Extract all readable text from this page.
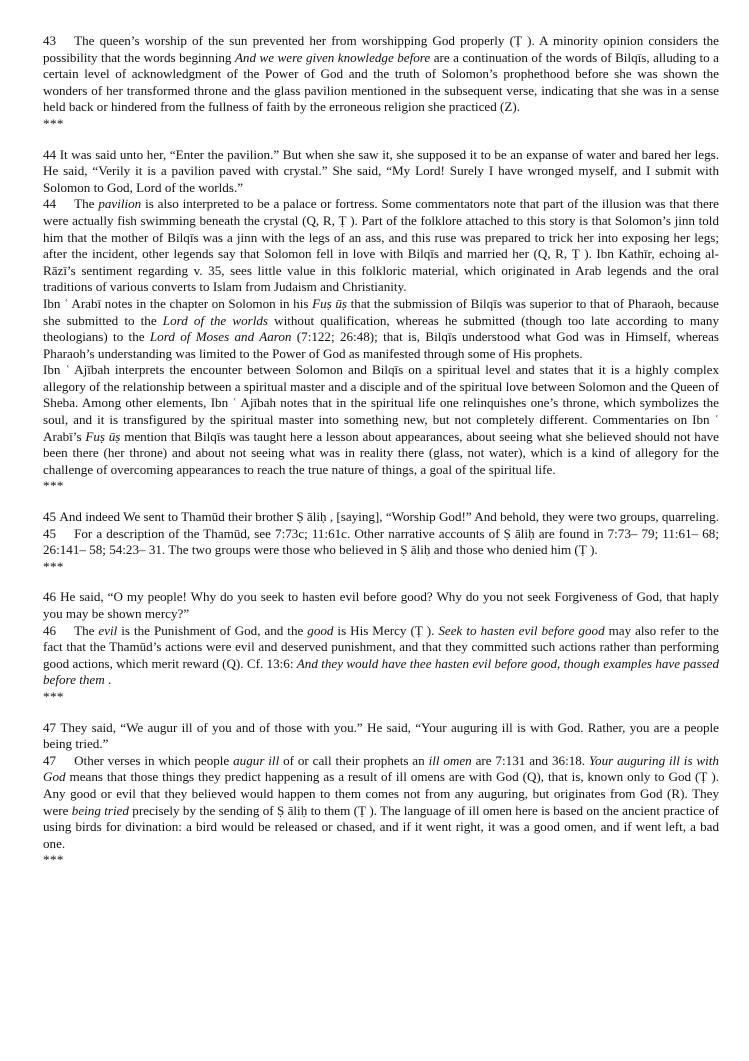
43 The queen’s worship of the sun prevented her from worshipping God properly (Ṭ ). A minority opinion considers the possibility that the words beginning And we were given knowledge before are a continuation of the words of Bilqīs, alluding to a certain level of acknowledgment of the Power of God and the truth of Solomon’s prophethood before she was shown the wonders of her transformed throne and the glass pavilion mentioned in the subsequent verse, indicating that she was in a sense held back or hindered from the fullness of faith by the erroneous religion she practiced (Z).

***

44 It was said unto her, “Enter the pavilion.” But when she saw it, she supposed it to be an expanse of water and bared her legs. He said, “Verily it is a pavilion paved with crystal.” She said, “My Lord! Surely I have wronged myself, and I submit with Solomon to God, Lord of the worlds.”

44 The pavilion is also interpreted to be a palace or fortress. Some commentators note that part of the illusion was that there were actually fish swimming beneath the crystal (Q, R, Ṭ ). Part of the folklore attached to this story is that Solomon’s jinn told him that the mother of Bilqīs was a jinn with the legs of an ass, and this ruse was prepared to trick her into exposing her legs; after the incident, other legends say that Solomon fell in love with Bilqīs and married her (Q, R, Ṭ ). Ibn Kathīr, echoing al-Rāzī’s sentiment regarding v. 35, sees little value in this folkloric material, which originated in Arab legends and the oral traditions of various converts to Islam from Judaism and Christianity.

Ibn ʿ Arabī notes in the chapter on Solomon in his Fuṣ ūṣ that the submission of Bilqīs was superior to that of Pharaoh, because she submitted to the Lord of the worlds without qualification, whereas he submitted (though too late according to many theologians) to the Lord of Moses and Aaron (7:122; 26:48); that is, Bilqīs understood what God was in Himself, whereas Pharaoh’s understanding was limited to the Power of God as manifested through some of His prophets.

Ibn ʿ Ajībah interprets the encounter between Solomon and Bilqīs on a spiritual level and states that it is a highly complex allegory of the relationship between a spiritual master and a disciple and of the spiritual love between Solomon and the Queen of Sheba. Among other elements, Ibn ʿ Ajībah notes that in the spiritual life one relinquishes one’s throne, which symbolizes the soul, and it is transfigured by the spiritual master into something new, but not completely different. Commentaries on Ibn ʿ Arabī’s Fuṣ ūṣ mention that Bilqīs was taught here a lesson about appearances, about seeing what she believed should not have been there (her throne) and about not seeing what was in reality there (glass, not water), which is a kind of allegory for the challenge of overcoming appearances to reach the true nature of things, a goal of the spiritual life.

***

45 And indeed We sent to Thamūd their brother Ṣ āliḥ , [saying], “Worship God!” And behold, they were two groups, quarreling.

45 For a description of the Thamūd, see 7:73c; 11:61c. Other narrative accounts of Ṣ āliḥ are found in 7:73– 79; 11:61– 68; 26:141– 58; 54:23– 31. The two groups were those who believed in Ṣ āliḥ and those who denied him (Ṭ ).

***

46 He said, “O my people! Why do you seek to hasten evil before good? Why do you not seek Forgiveness of God, that haply you may be shown mercy?”

46 The evil is the Punishment of God, and the good is His Mercy (Ṭ ). Seek to hasten evil before good may also refer to the fact that the Thamūd’s actions were evil and deserved punishment, and that they committed such actions rather than performing good actions, which merit reward (Q). Cf. 13:6: And they would have thee hasten evil before good, though examples have passed before them .

***

47 They said, “We augur ill of you and of those with you.” He said, “Your auguring ill is with God. Rather, you are a people being tried.”

47 Other verses in which people augur ill of or call their prophets an ill omen are 7:131 and 36:18. Your auguring ill is with God means that those things they predict happening as a result of ill omens are with God (Q), that is, known only to God (Ṭ ). Any good or evil that they believed would happen to them comes not from any auguring, but originates from God (R). They were being tried precisely by the sending of Ṣ āliḥ to them (Ṭ ). The language of ill omen here is based on the ancient practice of using birds for divination: a bird would be released or chased, and if it went right, it was a good omen, and if went left, a bad one.

***
